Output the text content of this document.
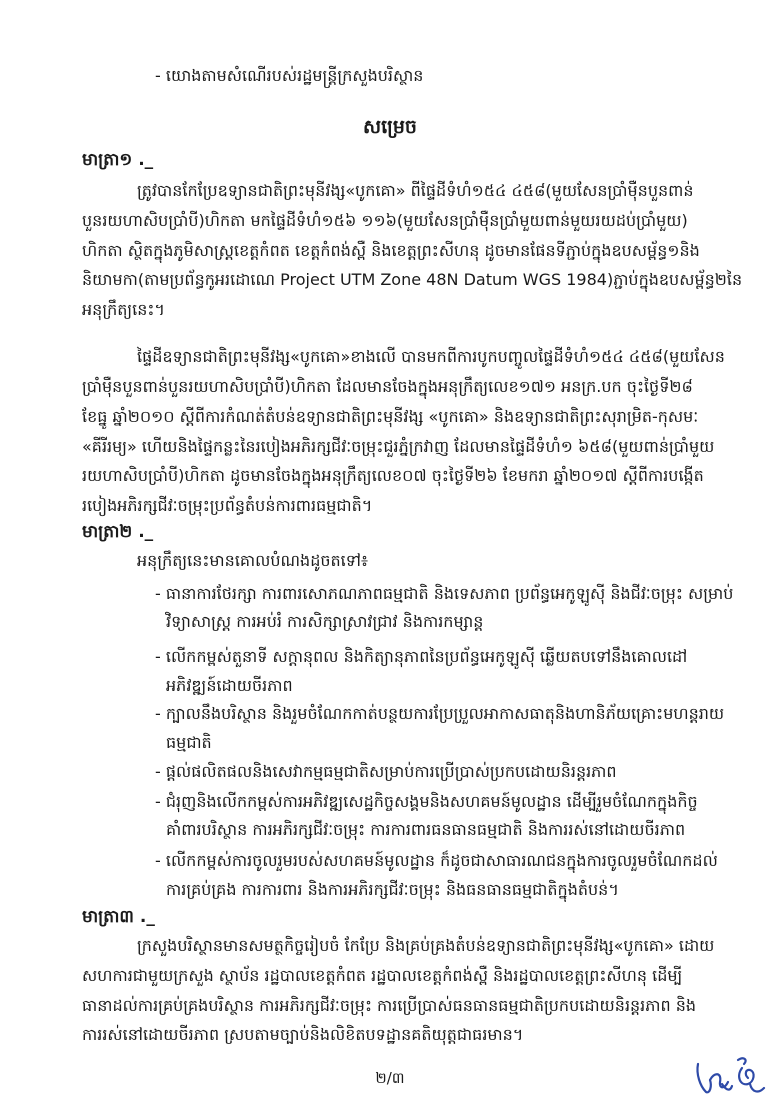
- យោងតាមសំណើរបស់រដ្ឋមន្ត្រីក្រសួងបរិស្ថាន
សម្រេច
មាត្រា១ ._
ត្រូវបានកែប្រែឧទ្យានជាតិព្រះមុនីវង្ស«បូកគោ» ពីផ្ទៃដីទំហំ១៥៤ ៤៥៨(មួយសែនប្រាំម៉ឺនបួនពាន់
បួនរយហាសិបប្រាំបី)ហិកតា មកផ្ទៃដីទំហំ១៥៦ ១១៦(មួយសែនប្រាំម៉ឺនប្រាំមួយពាន់មួយរយដប់ប្រាំមួយ)
ហិកតា ស្ថិតក្នុងភូមិសាស្ត្រខេត្តកំពត ខេត្តកំពង់ស្ពឺ និងខេត្តព្រះសីហនុ ដូចមានផែនទីភ្ជាប់ក្នុងឧបសម្ព័ន្ធ១និង
និយាមកា(តាមប្រព័ន្ធកូអរដោណេ Project UTM Zone 48N Datum WGS 1984)ភ្ជាប់ក្នុងឧបសម្ព័ន្ធ២នៃ
អនុក្រឹត្យនេះ។
ផ្ទៃដីឧទ្យានជាតិព្រះមុនីវង្ស«បូកគោ»ខាងលើ បានមកពីការបូកបញ្ចូលផ្ទៃដីទំហំ១៥៤ ៤៥៨(មួយសែន
ប្រាំម៉ឺនបួនពាន់បួនរយហាសិបប្រាំបី)ហិកតា ដែលមានចែងក្នុងអនុក្រឹត្យលេខ១៧១ អនក្រ.បក ចុះថ្ងៃទី២៨
ខែធ្នូ ឆ្នាំ២០១០ ស្តីពីការកំណត់តំបន់ឧទ្យានជាតិព្រះមុនីវង្ស «បូកគោ» និងឧទ្យានជាតិព្រះសុរាម្រិត-កុសមៈ
«គីរីរម្យ» ហើយនិងផ្ទៃកន្លះនៃរបៀងអភិរក្សជីវៈចម្រុះជួរភ្នំក្រវាញ ដែលមានផ្ទៃដីទំហំ១ ៦៥៨(មួយពាន់ប្រាំមួយ
រយហាសិបប្រាំបី)ហិកតា ដូចមានចែងក្នុងអនុក្រឹត្យលេខ០៧ ចុះថ្ងៃទី២៦ ខែមករា ឆ្នាំ២០១៧ ស្តីពីការបង្កើត
របៀងអភិរក្សជីវៈចម្រុះប្រព័ន្ធតំបន់ការពារធម្មជាតិ។
មាត្រា២ ._
អនុក្រឹត្យនេះមានគោលបំណងដូចតទៅ៖
- ធានាការថែរក្សា ការពារសោភណភាពធម្មជាតិ និងទេសភាព ប្រព័ន្ធអេកូឡូស៊ី និងជីវៈចម្រុះ សម្រាប់
វិទ្យាសាស្ត្រ ការអប់រំ ការសិក្សាស្រាវជ្រាវ និងការកម្សាន្ត
- លើកកម្ពស់តួនាទី សក្តានុពល និងកិត្យានុភាពនៃប្រព័ន្ធអេកូឡូស៊ី ឆ្លើយតបទៅនឹងគោលដៅ
អភិវឌ្ឍន៍ដោយចីរភាព
- ក្បាលនឹងបរិស្ថាន និងរួមចំណែកកាត់បន្ថយការប្រែប្រួលអាកាសធាតុនិងហានិភ័យគ្រោះមហន្តរាយ
ធម្មជាតិ
- ផ្តល់ផលិតផលនិងសេវាកម្មធម្មជាតិសម្រាប់ការប្រើប្រាស់ប្រកបដោយនិរន្តរភាព
- ជំរុញនិងលើកកម្ពស់ការអភិវឌ្ឍសេដ្ឋកិច្ចសង្គមនិងសហគមន៍មូលដ្ឋាន ដើម្បីរួមចំណែកក្នុងកិច្ច
គាំពារបរិស្ថាន ការអភិរក្សជីវៈចម្រុះ ការការពារធនធានធម្មជាតិ និងការរស់នៅដោយចីរភាព
- លើកកម្ពស់ការចូលរួមរបស់សហគមន៍មូលដ្ឋាន ក៏ដូចជាសាធារណជនក្នុងការចូលរួមចំណែកដល់
ការគ្រប់គ្រង ការការពារ និងការអភិរក្សជីវៈចម្រុះ និងធនធានធម្មជាតិក្នុងតំបន់។
មាត្រា៣ ._
ក្រសួងបរិស្ថានមានសមត្ថកិច្ចរៀបចំ កែប្រែ និងគ្រប់គ្រងតំបន់ឧទ្យានជាតិព្រះមុនីវង្ស«បូកគោ» ដោយ
សហការជាមួយក្រសួង ស្ថាប័ន រដ្ឋបាលខេត្តកំពត រដ្ឋបាលខេត្តកំពង់ស្ពឺ និងរដ្ឋបាលខេត្តព្រះសីហនុ ដើម្បី
ធានាដល់ការគ្រប់គ្រងបរិស្ថាន ការអភិរក្សជីវៈចម្រុះ ការប្រើប្រាស់ធនធានធម្មជាតិប្រកបដោយនិរន្តរភាព និង
ការរស់នៅដោយចីរភាព ស្របតាមច្បាប់និងលិខិតបទដ្ឋានគតិយុត្តជាធរមាន។
២/៣
